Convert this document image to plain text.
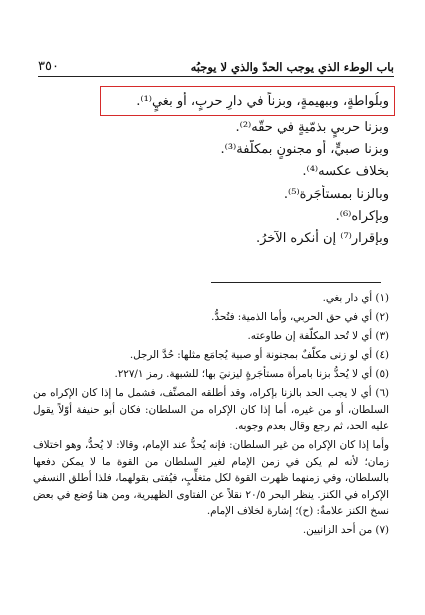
باب الوطء الذي يوجب الحدّ والذي لا يوجبُه
٣٥٠
وبلُواطةٍ، وببهيمةٍ، وبزناً في دارِ حربٍ، أو بغيٍ⁽¹⁾.
وبزنا حربيٍ بذمّيةٍ في حقّه⁽²⁾.
وبزنا صبيٍّ، أو مجنونٍ بمكلَّفة⁽³⁾.
بخلاف عكسه⁽⁴⁾.
وبالزنا بمستأجَرة⁽⁵⁾.
وبإكراه⁽⁶⁾.
وبإقرار⁽⁷⁾ إن أنكره الآخرُ.
(١) أي دار بغي.
(٢) أي في حق الحربي، وأما الذمية: فتُحدُّ.
(٣) أي لا تُحد المكلّفة إن طاوعته.
(٤) أي لو زنى مكلّفٌ بمجنونة أو صبية يُجامَع مثلها: حُدَّ الرجل.
(٥) أي لا يُحدُّ بزنا بامرأة مستأجَرةٍ ليزنيَ بها؛ للشبهة. رمز ٢٢٧/١.
(٦) أي لا يجب الحد بالزنا بإكراه، وقد أطلقه المصنِّف، فشمل ما إذا كان الإكراه من السلطان، أو من غيره، أما إذا كان الإكراه من السلطان: فكان أبو حنيفة أوّلاً يقول عليه الحد، ثم رجع وقال بعدم وجوبه.
وأما إذا كان الإكراه من غير السلطان: فإنه يُحدُّ عند الإمام، وقالا: لا يُحدُّ، وهو اختلاف زمان؛ لأنه لم يكن في زمن الإمام لغير السلطان من القوة ما لا يمكن دفعها بالسلطان، وفي زمنهما ظهرت القوة لكل متغلِّبٍ، فيُفتى بقولهما، فلذا أطلق النسفي الإكراه في الكنز. ينظر البحر ٢٠/٥ نقلاً عن الفتاوى الظهيرية، ومن هنا وُضع في بعض نسخ الكنز علامةٌ: (ح)؛ إشارة لخلاف الإمام.
(٧) من أحد الزانيين.
